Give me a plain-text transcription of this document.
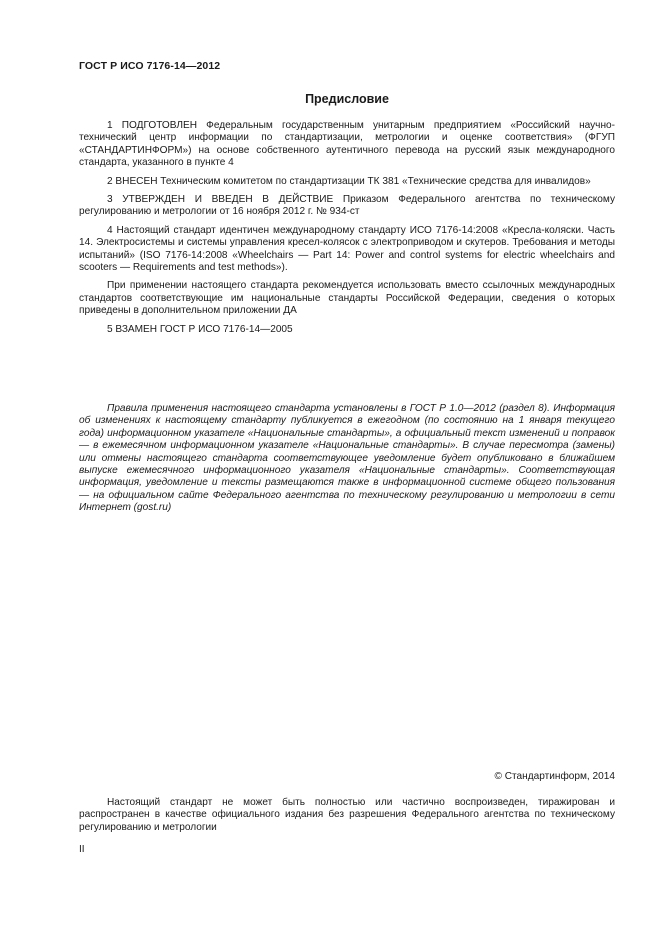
ГОСТ Р ИСО 7176-14—2012
Предисловие

1 ПОДГОТОВЛЕН Федеральным государственным унитарным предприятием «Российский научно-технический центр информации по стандартизации, метрологии и оценке соответствия» (ФГУП «СТАНДАРТИНФОРМ») на основе собственного аутентичного перевода на русский язык международного стандарта, указанного в пункте 4

2 ВНЕСЕН Техническим комитетом по стандартизации ТК 381 «Технические средства для инвалидов»

3 УТВЕРЖДЕН И ВВЕДЕН В ДЕЙСТВИЕ Приказом Федерального агентства по техническому регулированию и метрологии от 16 ноября 2012 г. № 934-ст

4 Настоящий стандарт идентичен международному стандарту ИСО 7176-14:2008 «Кресла-коляски. Часть 14. Электросистемы и системы управления кресел-колясок с электроприводом и скутеров. Требования и методы испытаний» (ISO 7176-14:2008 «Wheelchairs — Part 14: Power and control systems for electric wheelchairs and scooters — Requirements and test methods»).

При применении настоящего стандарта рекомендуется использовать вместо ссылочных международных стандартов соответствующие им национальные стандарты Российской Федерации, сведения о которых приведены в дополнительном приложении ДА

5 ВЗАМЕН ГОСТ Р ИСО 7176-14—2005

Правила применения настоящего стандарта установлены в ГОСТ Р 1.0—2012 (раздел 8). Информация об изменениях к настоящему стандарту публикуется в ежегодном (по состоянию на 1 января текущего года) информационном указателе «Национальные стандарты», а официальный текст изменений и поправок — в ежемесячном информационном указателе «Национальные стандарты». В случае пересмотра (замены) или отмены настоящего стандарта соответствующее уведомление будет опубликовано в ближайшем выпуске ежемесячного информационного указателя «Национальные стандарты». Соответствующая информация, уведомление и тексты размещаются также в информационной системе общего пользования — на официальном сайте Федерального агентства по техническому регулированию и метрологии в сети Интернет (gost.ru)

© Стандартинформ, 2014

Настоящий стандарт не может быть полностью или частично воспроизведен, тиражирован и распространен в качестве официального издания без разрешения Федерального агентства по техническому регулированию и метрологии

II
